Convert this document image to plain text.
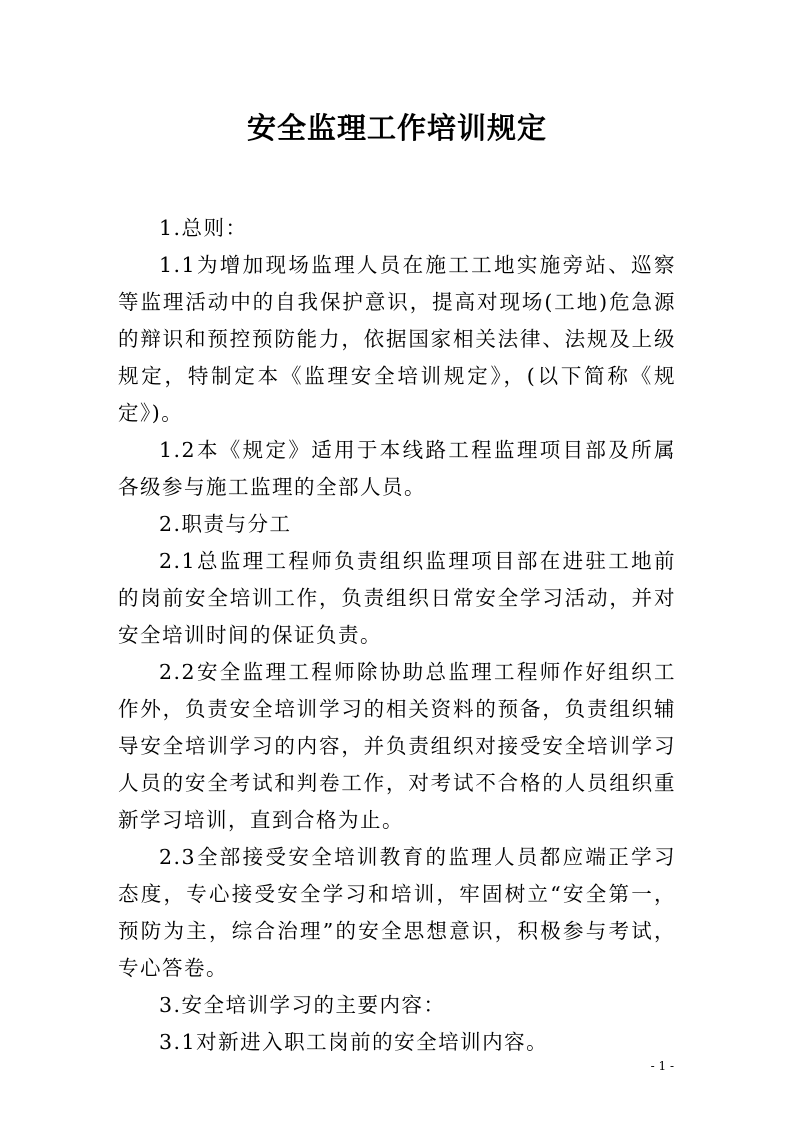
安全监理工作培训规定

1.总则：

1.1为增加现场监理人员在施工工地实施旁站、巡察等监理活动中的自我保护意识，提高对现场(工地)危急源的辩识和预控预防能力，依据国家相关法律、法规及上级规定，特制定本《监理安全培训规定》，(以下简称《规定》)。

1.2本《规定》适用于本线路工程监理项目部及所属各级参与施工监理的全部人员。

2.职责与分工

2.1总监理工程师负责组织监理项目部在进驻工地前的岗前安全培训工作，负责组织日常安全学习活动，并对安全培训时间的保证负责。

2.2安全监理工程师除协助总监理工程师作好组织工作外，负责安全培训学习的相关资料的预备，负责组织辅导安全培训学习的内容，并负责组织对接受安全培训学习人员的安全考试和判卷工作，对考试不合格的人员组织重新学习培训，直到合格为止。

2.3全部接受安全培训教育的监理人员都应端正学习态度，专心接受安全学习和培训，牢固树立“安全第一，预防为主，综合治理”的安全思想意识，积极参与考试，专心答卷。

3.安全培训学习的主要内容：

3.1对新进入职工岗前的安全培训内容。

- 1 -
